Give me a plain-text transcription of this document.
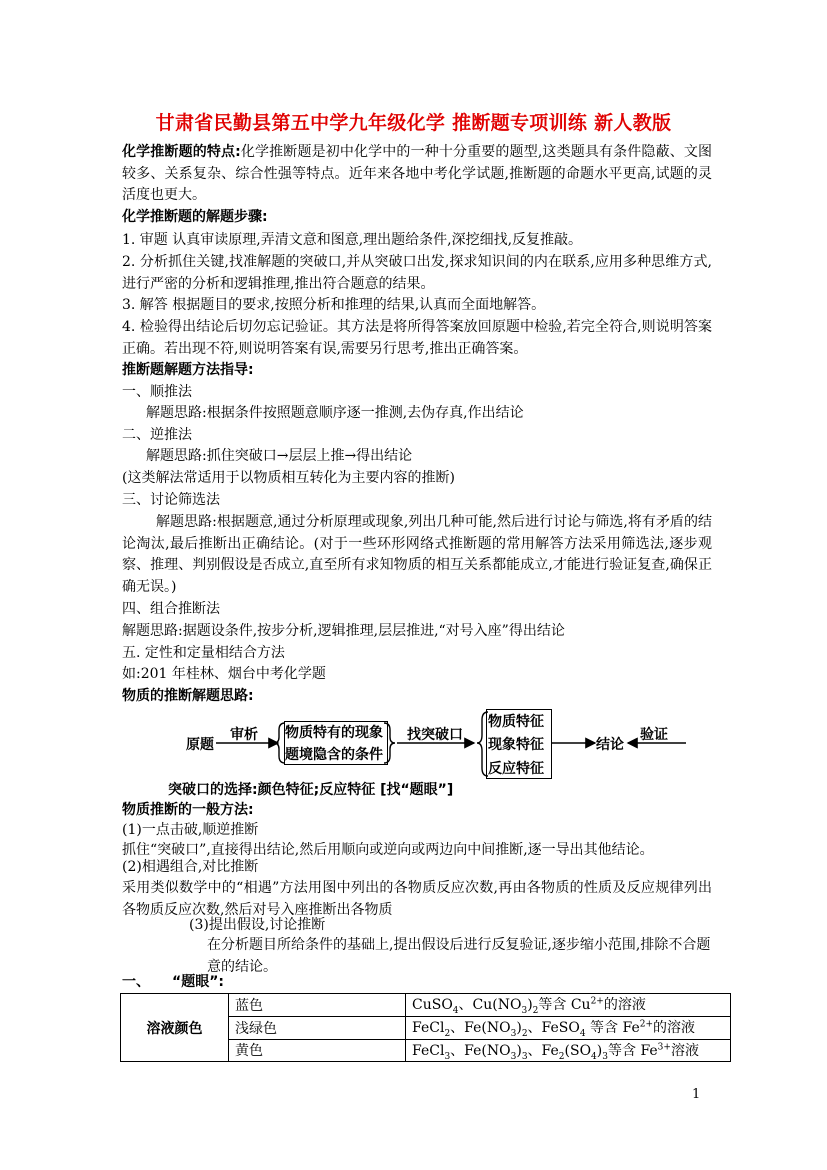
甘肃省民勤县第五中学九年级化学 推断题专项训练 新人教版
化学推断题的特点:化学推断题是初中化学中的一种十分重要的题型,这类题具有条件隐蔽、文图较多、关系复杂、综合性强等特点。近年来各地中考化学试题,推断题的命题水平更高,试题的灵活度也更大。
化学推断题的解题步骤:
1. 审题 认真审读原理,弄清文意和图意,理出题给条件,深挖细找,反复推敲。
2. 分析抓住关键,找准解题的突破口,并从突破口出发,探求知识间的内在联系,应用多种思维方式,进行严密的分析和逻辑推理,推出符合题意的结果。
3. 解答 根据题目的要求,按照分析和推理的结果,认真而全面地解答。
4. 检验得出结论后切勿忘记验证。其方法是将所得答案放回原题中检验,若完全符合,则说明答案正确。若出现不符,则说明答案有误,需要另行思考,推出正确答案。
推断题解题方法指导:
一、顺推法
解题思路:根据条件按照题意顺序逐一推测,去伪存真,作出结论
二、逆推法
解题思路:抓住突破口→层层上推→得出结论
(这类解法常适用于以物质相互转化为主要内容的推断)
三、讨论筛选法
解题思路:根据题意,通过分析原理或现象,列出几种可能,然后进行讨论与筛选,将有矛盾的结论淘汰,最后推断出正确结论。(对于一些环形网络式推断题的常用解答方法采用筛选法,逐步观察、推理、判别假设是否成立,直至所有求知物质的相互关系都能成立,才能进行验证复查,确保正确无误。)
四、组合推断法
解题思路:据题设条件,按步分析,逻辑推理,层层推进,“对号入座”得出结论
五. 定性和定量相结合方法
如:201 年桂林、烟台中考化学题
物质的推断解题思路:
原题
审析 物质特有的现象
题境隐含的条件
找突破口
物质特征
现象特征
反应特征
结论
验证
突破口的选择:颜色特征;反应特征 [找“题眼”]
物质推断的一般方法:
(1)一点击破,顺逆推断
抓住“突破口”,直接得出结论,然后用顺向或逆向或两边向中间推断,逐一导出其他结论。
(2)相遇组合,对比推断
采用类似数学中的“相遇”方法用图中列出的各物质反应次数,再由各物质的性质及反应规律列出各物质反应次数,然后对号入座推断出各物质
(3)提出假设,讨论推断
在分析题目所给条件的基础上,提出假设后进行反复验证,逐步缩小范围,排除不合题意的结论。
一、 “题眼”:
溶液颜色	蓝色	CuSO$_4$、$Cu(NO_3)_2$等含 $Cu^{2+}$的溶液
	浅绿色	FeCl$_2$、$Fe(NO_3)_2$、FeSO$_4$ 等含 $Fe^{2+}$的溶液
	黄色	FeCl$_3$、$Fe(NO_3)_3$、$Fe_2(SO_4)_3$等含 $Fe^{3+}$溶液
1
